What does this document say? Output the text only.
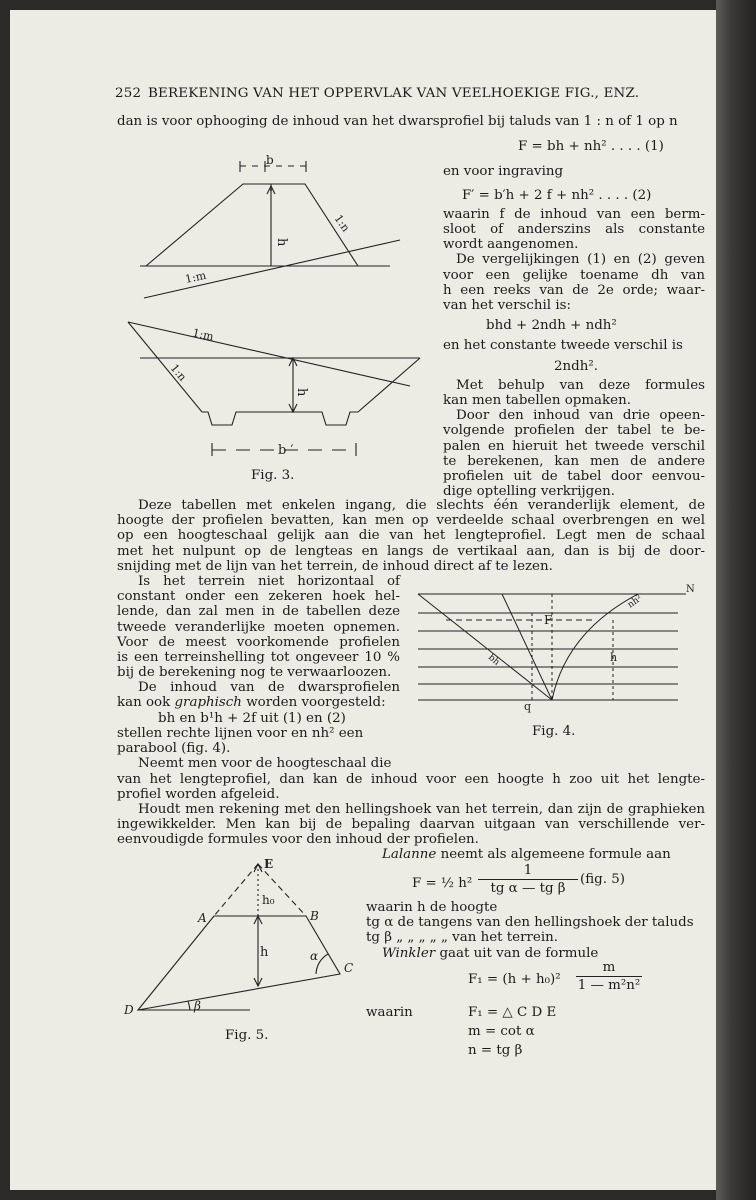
252 BEREKENING VAN HET OPPERVLAK VAN VEELHOEKIGE FIG., ENZ.
dan is voor ophooging de inhoud van het dwarsprofiel bij taluds van 1 : n of 1 op n
F = bh + nh² . . . . (1)
en voor ingraving
F′ = b′h + 2 f + nh² . . . . (2)
waarin f de inhoud van een berm-
sloot of anderszins als constante
wordt aangenomen.
De vergelijkingen (1) en (2) geven
voor een gelijke toename dh van
h een reeks van de 2e orde; waar-
van het verschil is:
bhd + 2ndh + ndh²
en het constante tweede verschil is
2ndh².
Met behulp van deze formules
kan men tabellen opmaken.
Door den inhoud van drie opeen-
volgende profielen der tabel te be-
palen en hieruit het tweede verschil
te berekenen, kan men de andere
profielen uit de tabel door eenvou-
dige optelling verkrijgen.
b
h
1:n
1:m
1:m
1:n
h
b ′
Fig. 3.
Deze tabellen met enkelen ingang, die slechts één veranderlijk element, de
hoogte der profielen bevatten, kan men op verdeelde schaal overbrengen en wel
op een hoogteschaal gelijk aan die van het lengteprofiel. Legt men de schaal
met het nulpunt op de lengteas en langs de vertikaal aan, dan is bij de door-
snijding met de lijn van het terrein, de inhoud direct af te lezen.
Is het terrein niet horizontaal of
constant onder een zekeren hoek hel-
lende, dan zal men in de tabellen deze
tweede veranderlijke moeten opnemen.
Voor de meest voorkomende profielen
is een terreinshelling tot ongeveer 10 %
bij de berekening nog te verwaarloozen.
De inhoud van de dwarsprofielen
kan ook graphisch worden voorgesteld:
bh en b¹h + 2f uit (1) en (2)
stellen rechte lijnen voor en nh² een
parabool (fig. 4).
Neemt men voor de hoogteschaal die
F
h
bh
nh²
q
N
Fig. 4.
van het lengteprofiel, dan kan de inhoud voor een hoogte h zoo uit het lengte-
profiel worden afgeleid.
Houdt men rekening met den hellingshoek van het terrein, dan zijn de graphieken
ingewikkelder. Men kan bij de bepaling daarvan uitgaan van verschillende ver-
eenvoudigde formules voor den inhoud der profielen.
Lalanne neemt als algemeene formule aan
F = ½ h²
1
tg α — tg β
(fig. 5)
waarin h de hoogte
tg α de tangens van den hellingshoek der taluds
tg β „ „ „ „ „ van het terrein.
Winkler gaat uit van de formule
F₁ = (h + h₀)²
m
1 — m²n²
waarin	F₁ = △ C D E
m = cot α
n = tg β
E
h₀
A	B
h	α
C
D	β
Fig. 5.
